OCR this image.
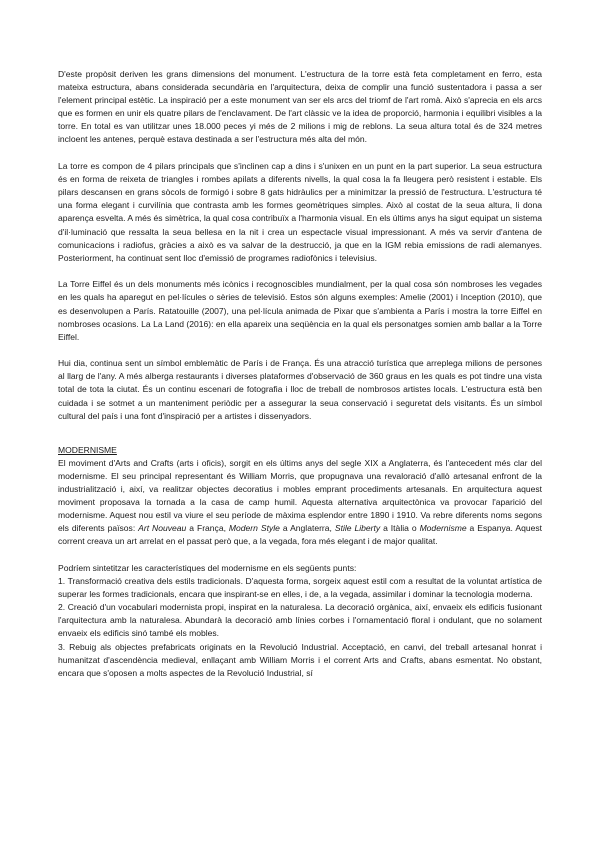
D'este propòsit deriven les grans dimensions del monument. L'estructura de la torre està feta completament en ferro, esta mateixa estructura, abans considerada secundària en l'arquitectura, deixa de complir una funció sustentadora i passa a ser l'element principal estètic. La inspiració per a este monument van ser els arcs del triomf de l'art romà. Això s'aprecia en els arcs que es formen en unir els quatre pilars de l'enclavament. De l'art clàssic ve la idea de proporció, harmonia i equilibri visibles a la torre. En total es van utilitzar unes 18.000 peces yi més de 2 milions i mig de reblons. La seua altura total és de 324 metres incloent les antenes, perquè estava destinada a ser l'estructura més alta del món.

La torre es compon de 4 pilars principals que s'inclinen cap a dins i s'unixen en un punt en la part superior. La seua estructura és en forma de reixeta de triangles i rombes apilats a diferents nivells, la qual cosa la fa lleugera però resistent i estable. Els pilars descansen en grans sòcols de formigó i sobre 8 gats hidràulics per a minimitzar la pressió de l'estructura. L'estructura té una forma elegant i curvilínia que contrasta amb les formes geomètriques simples. Això al costat de la seua altura, li dona aparença esvelta. A més és simètrica, la qual cosa contribuïx a l'harmonia visual. En els últims anys ha sigut equipat un sistema d'il·luminació que ressalta la seua bellesa en la nit i crea un espectacle visual impressionant. A més va servir d'antena de comunicacions i radiofus, gràcies a això es va salvar de la destrucció, ja que en la IGM rebia emissions de radi alemanyes. Posteriorment, ha continuat sent lloc d'emissió de programes radiofònics i televisius.

La Torre Eiffel és un dels monuments més icònics i recognoscibles mundialment, per la qual cosa són nombroses les vegades en les quals ha aparegut en pel·lícules o sèries de televisió. Estos són alguns exemples: Amelie (2001) i Inception (2010), que es desenvolupen a París. Ratatouille (2007), una pel·lícula animada de Pixar que s'ambienta a París i mostra la torre Eiffel en nombroses ocasions. La La Land (2016): en ella apareix una seqüència en la qual els personatges somien amb ballar a la Torre Eiffel.

Hui dia, continua sent un símbol emblemàtic de París i de França. És una atracció turística que arreplega milions de persones al llarg de l'any. A més alberga restaurants i diverses plataformes d'observació de 360 graus en les quals es pot tindre una vista total de tota la ciutat. És un continu escenari de fotografia i lloc de treball de nombrosos artistes locals. L'estructura està ben cuidada i se sotmet a un manteniment periòdic per a assegurar la seua conservació i seguretat dels visitants. És un símbol cultural del país i una font d'inspiració per a artistes i dissenyadors.

MODERNISME

El moviment d'Arts and Crafts (arts i oficis), sorgit en els últims anys del segle XIX a Anglaterra, és l'antecedent més clar del modernisme. El seu principal representant és William Morris, que propugnava una revaloració d'allò artesanal enfront de la industrialització i, així, va realitzar objectes decoratius i mobles emprant procediments artesanals. En arquitectura aquest moviment proposava la tornada a la casa de camp humil. Aquesta alternativa arquitectònica va provocar l'aparició del modernisme. Aquest nou estil va viure el seu període de màxima esplendor entre 1890 i 1910. Va rebre diferents noms segons els diferents països: Art Nouveau a França, Modern Style a Anglaterra, Stile Liberty a Itàlia o Modernisme a Espanya. Aquest corrent creava un art arrelat en el passat però que, a la vegada, fora més elegant i de major qualitat.

Podríem sintetitzar les característiques del modernisme en els següents punts:

1. Transformació creativa dels estils tradicionals. D'aquesta forma, sorgeix aquest estil com a resultat de la voluntat artística de superar les formes tradicionals, encara que inspirant-se en elles, i de, a la vegada, assimilar i dominar la tecnologia moderna.

2. Creació d'un vocabulari modernista propi, inspirat en la naturalesa. La decoració orgànica, així, envaeix els edificis fusionant l'arquitectura amb la naturalesa. Abundarà la decoració amb línies corbes i l'ornamentació floral i ondulant, que no solament envaeix els edificis sinó també els mobles.

3. Rebuig als objectes prefabricats originats en la Revolució Industrial. Acceptació, en canvi, del treball artesanal honrat i humanitzat d'ascendència medieval, enllaçant amb William Morris i el corrent Arts and Crafts, abans esmentat. No obstant, encara que s'oposen a molts aspectes de la Revolució Industrial, sí
